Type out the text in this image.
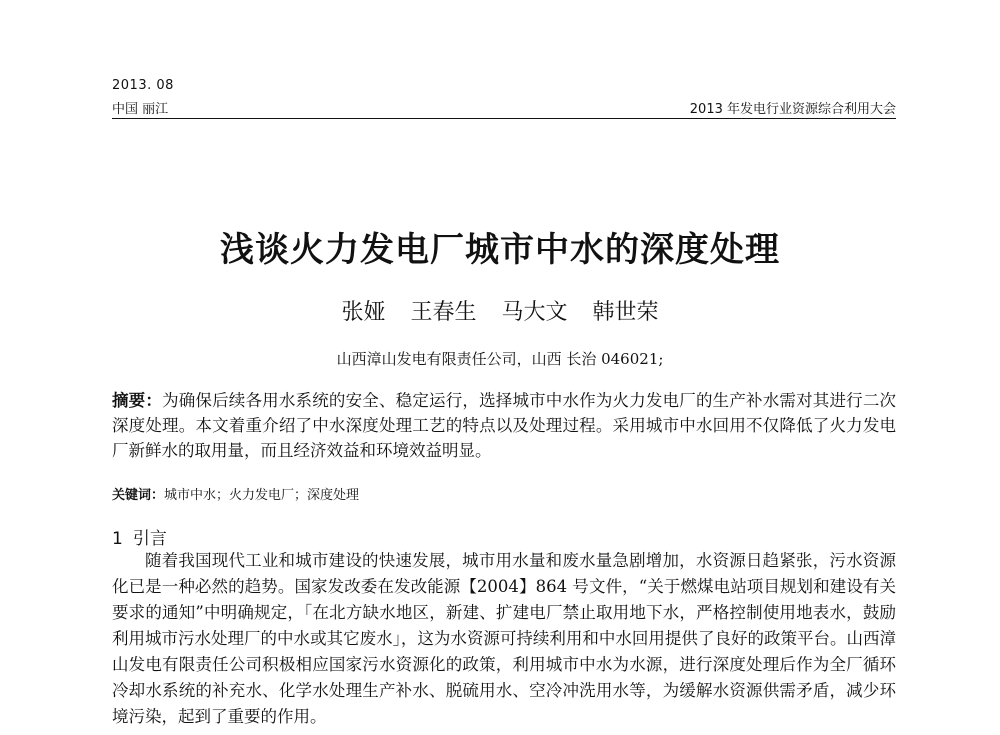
2013. 08
中国 丽江	2013 年发电行业资源综合利用大会
浅谈火力发电厂城市中水的深度处理
张娅 王春生 马大文 韩世荣
山西漳山发电有限责任公司，山西 长治 046021;
摘要：为确保后续各用水系统的安全、稳定运行，选择城市中水作为火力发电厂的生产补水需对其进行二次深度处理。本文着重介绍了中水深度处理工艺的特点以及处理过程。采用城市中水回用不仅降低了火力发电厂新鲜水的取用量，而且经济效益和环境效益明显。
关键词：城市中水；火力发电厂；深度处理
1 引言

随着我国现代工业和城市建设的快速发展，城市用水量和废水量急剧增加，水资源日趋紧张，污水资源化已是一种必然的趋势。国家发改委在发改能源【2004】864 号文件，“关于燃煤电站项目规划和建设有关要求的通知”中明确规定，「在北方缺水地区，新建、扩建电厂禁止取用地下水，严格控制使用地表水，鼓励利用城市污水处理厂的中水或其它废水」，这为水资源可持续利用和中水回用提供了良好的政策平台。山西漳山发电有限责任公司积极相应国家污水资源化的政策，利用城市中水为水源，进行深度处理后作为全厂循环冷却水系统的补充水、化学水处理生产补水、脱硫用水、空冷冲洗用水等，为缓解水资源供需矛盾，减少环境污染，起到了重要的作用。
